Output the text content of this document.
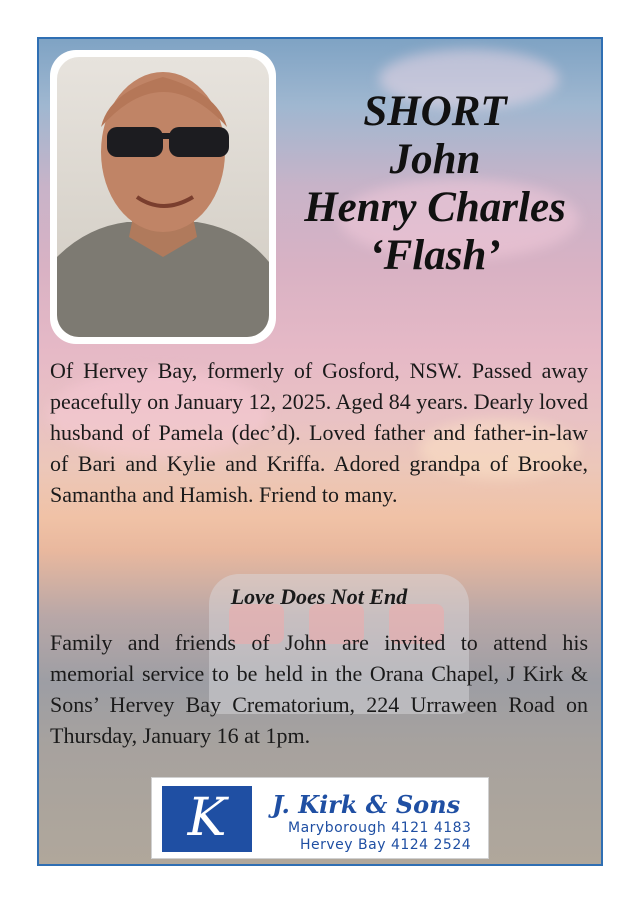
SHORT
John
Henry Charles
‘Flash’

Of Hervey Bay, formerly of Gosford, NSW. Passed away peacefully on January 12, 2025. Aged 84 years. Dearly loved husband of Pamela (dec’d). Loved father and father-in-law of Bari and Kylie and Kriffa. Adored grandpa of Brooke, Samantha and Hamish. Friend to many.

Love Does Not End

Family and friends of John are invited to attend his memorial service to be held in the Orana Chapel, J Kirk & Sons’ Hervey Bay Crematorium, 224 Urraween Road on Thursday, January 16 at 1pm.

K	J. Kirk & Sons
Maryborough 4121 4183
Hervey Bay 4124 2524
